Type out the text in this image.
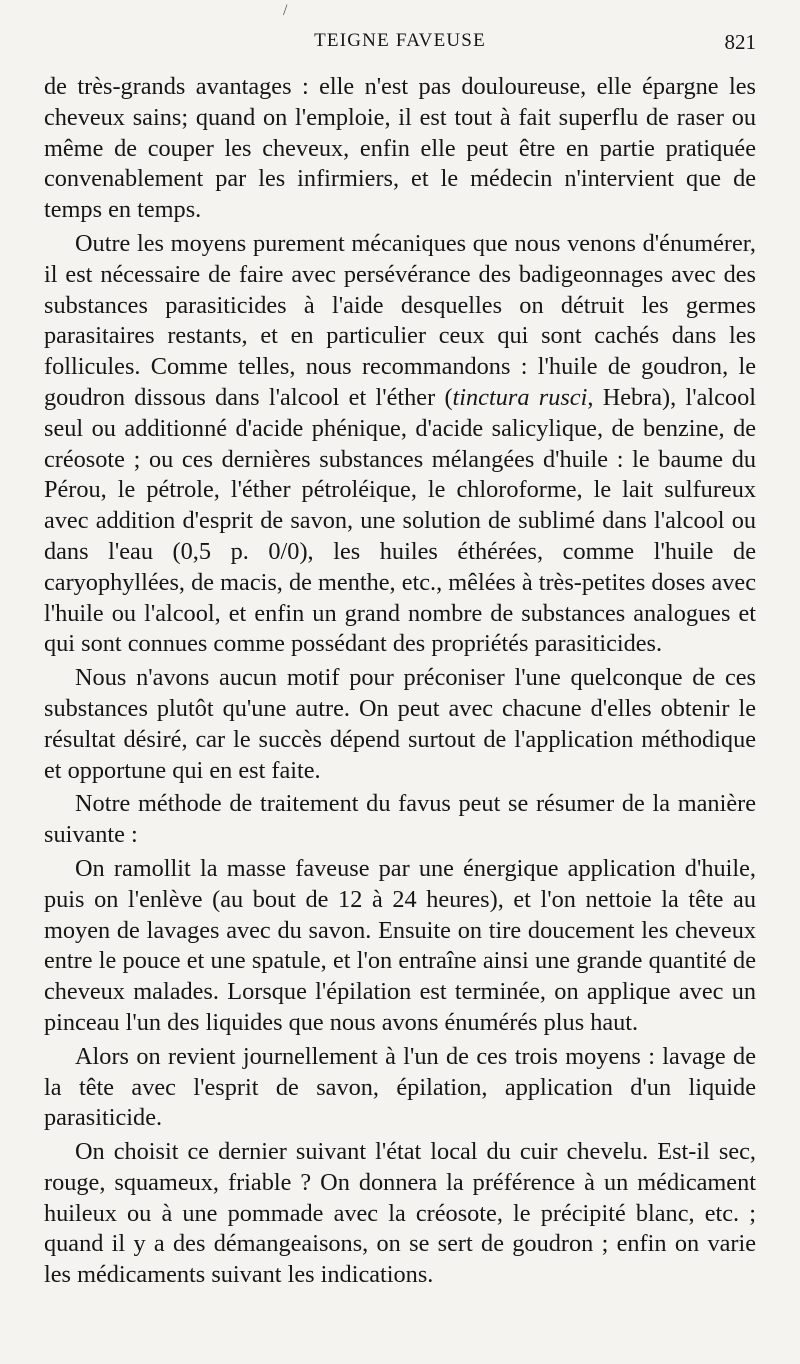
/
TEIGNE FAVEUSE	821

de très-grands avantages : elle n'est pas douloureuse, elle épargne les cheveux sains; quand on l'emploie, il est tout à fait superflu de raser ou même de couper les cheveux, enfin elle peut être en partie pratiquée convenablement par les infirmiers, et le médecin n'intervient que de temps en temps.

Outre les moyens purement mécaniques que nous venons d'énumérer, il est nécessaire de faire avec persévérance des badigeonnages avec des substances parasiticides à l'aide desquelles on détruit les germes parasitaires restants, et en particulier ceux qui sont cachés dans les follicules. Comme telles, nous recommandons : l'huile de goudron, le goudron dissous dans l'alcool et l'éther (tinctura rusci, Hebra), l'alcool seul ou additionné d'acide phénique, d'acide salicylique, de benzine, de créosote ; ou ces dernières substances mélangées d'huile : le baume du Pérou, le pétrole, l'éther pétroléique, le chloroforme, le lait sulfureux avec addition d'esprit de savon, une solution de sublimé dans l'alcool ou dans l'eau (0,5 p. 0/0), les huiles éthérées, comme l'huile de caryophyllées, de macis, de menthe, etc., mêlées à très-petites doses avec l'huile ou l'alcool, et enfin un grand nombre de substances analogues et qui sont connues comme possédant des propriétés parasiticides.

Nous n'avons aucun motif pour préconiser l'une quelconque de ces substances plutôt qu'une autre. On peut avec chacune d'elles obtenir le résultat désiré, car le succès dépend surtout de l'application méthodique et opportune qui en est faite.

Notre méthode de traitement du favus peut se résumer de la manière suivante :

On ramollit la masse faveuse par une énergique application d'huile, puis on l'enlève (au bout de 12 à 24 heures), et l'on nettoie la tête au moyen de lavages avec du savon. Ensuite on tire doucement les cheveux entre le pouce et une spatule, et l'on entraîne ainsi une grande quantité de cheveux malades. Lorsque l'épilation est terminée, on applique avec un pinceau l'un des liquides que nous avons énumérés plus haut.

Alors on revient journellement à l'un de ces trois moyens : lavage de la tête avec l'esprit de savon, épilation, application d'un liquide parasiticide.

On choisit ce dernier suivant l'état local du cuir chevelu. Est-il sec, rouge, squameux, friable ? On donnera la préférence à un médicament huileux ou à une pommade avec la créosote, le précipité blanc, etc. ; quand il y a des démangeaisons, on se sert de goudron ; enfin on varie les médicaments suivant les indications.
